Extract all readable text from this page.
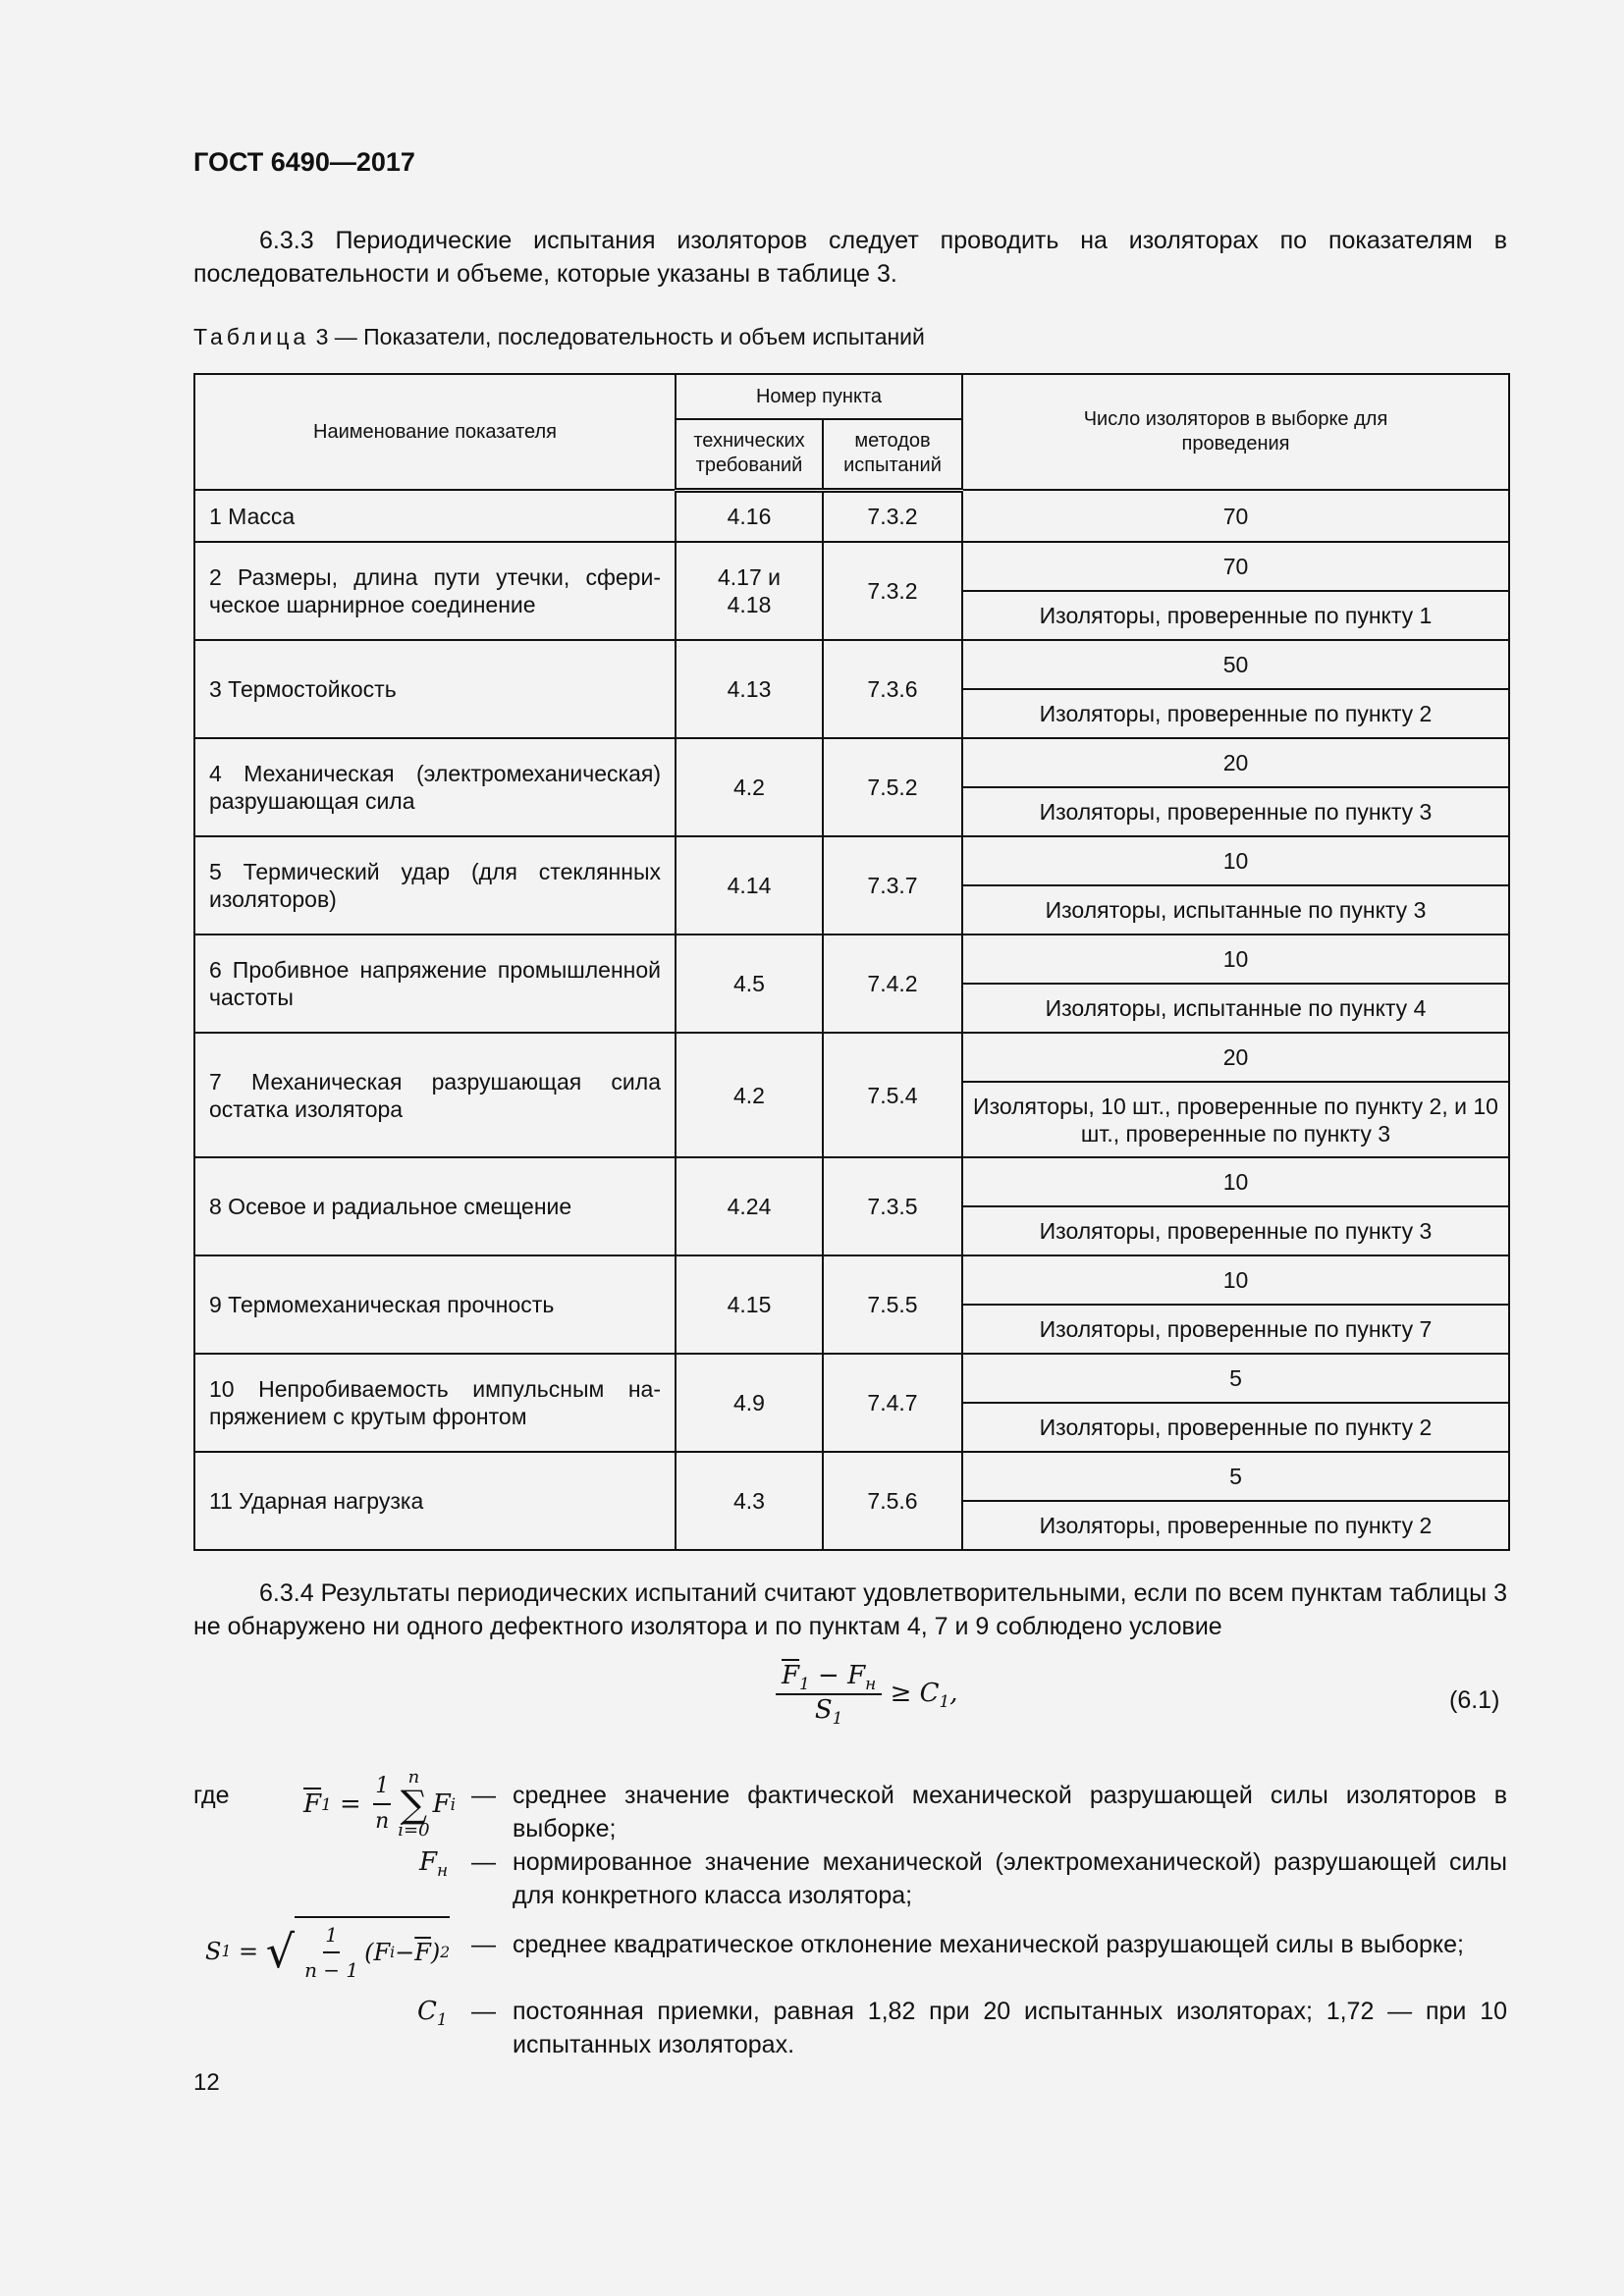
ГОСТ 6490—2017
6.3.3 Периодические испытания изоляторов следует проводить на изоляторах по показателям в последовательности и объеме, которые указаны в таблице 3.
Таблица 3 — Показатели, последовательность и объем испытаний
Наименование показателя	Номер пункта		Число изоляторов в выборке для проведения
	технических требований	методов испытаний	
1 Масса	4.16	7.3.2	70
2 Размеры, длина пути утечки, сферическое шарнирное соединение	4.17 и 4.18	7.3.2	70
			Изоляторы, проверенные по пункту 1
3 Термостойкость	4.13	7.3.6	50
			Изоляторы, проверенные по пункту 2
4 Механическая (электромеханическая) разрушающая сила	4.2	7.5.2	20
			Изоляторы, проверенные по пункту 3
5 Термический удар (для стеклянных изоляторов)	4.14	7.3.7	10
			Изоляторы, испытанные по пункту 3
6 Пробивное напряжение промышленной частоты	4.5	7.4.2	10
			Изоляторы, испытанные по пункту 4
7 Механическая разрушающая сила остатка изолятора	4.2	7.5.4	20
			Изоляторы, 10 шт., проверенные по пункту 2, и 10 шт., проверенные по пункту 3
8 Осевое и радиальное смещение	4.24	7.3.5	10
			Изоляторы, проверенные по пункту 3
9 Термомеханическая прочность	4.15	7.5.5	10
			Изоляторы, проверенные по пункту 7
10 Непробиваемость импульсным напряжением с крутым фронтом	4.9	7.4.7	5
			Изоляторы, проверенные по пункту 2
11 Ударная нагрузка	4.3	7.5.6	5
			Изоляторы, проверенные по пункту 2
6.3.4 Результаты периодических испытаний считают удовлетворительными, если по всем пунктам таблицы 3 не обнаружено ни одного дефектного изолятора и по пунктам 4, 7 и 9 соблюдено условие
$\frac{\overline{F}_1 - F_н}{S_1} \ge C_1$,	(6.1)
где	$\overline{F}$ $1 = \frac{1}{n}$ n
∑
i=0
F i — среднее значение фактической механической разрушающей силы изоляторов в выборке;
$F_н$ — нормированное значение механической (электромеханической) разрушающей силы для конкретного класса изолятора;
S 1 = √ $\frac{1}{n - 1} (F$ $i - \overline{F}$ ) 2 — среднее квадратическое отклонение механической разрушающей силы в выборке;
$C_1$ — постоянная приемки, равная 1,82 при 20 испытанных изоляторах; 1,72 — при 10 испытанных изоляторах.
12
